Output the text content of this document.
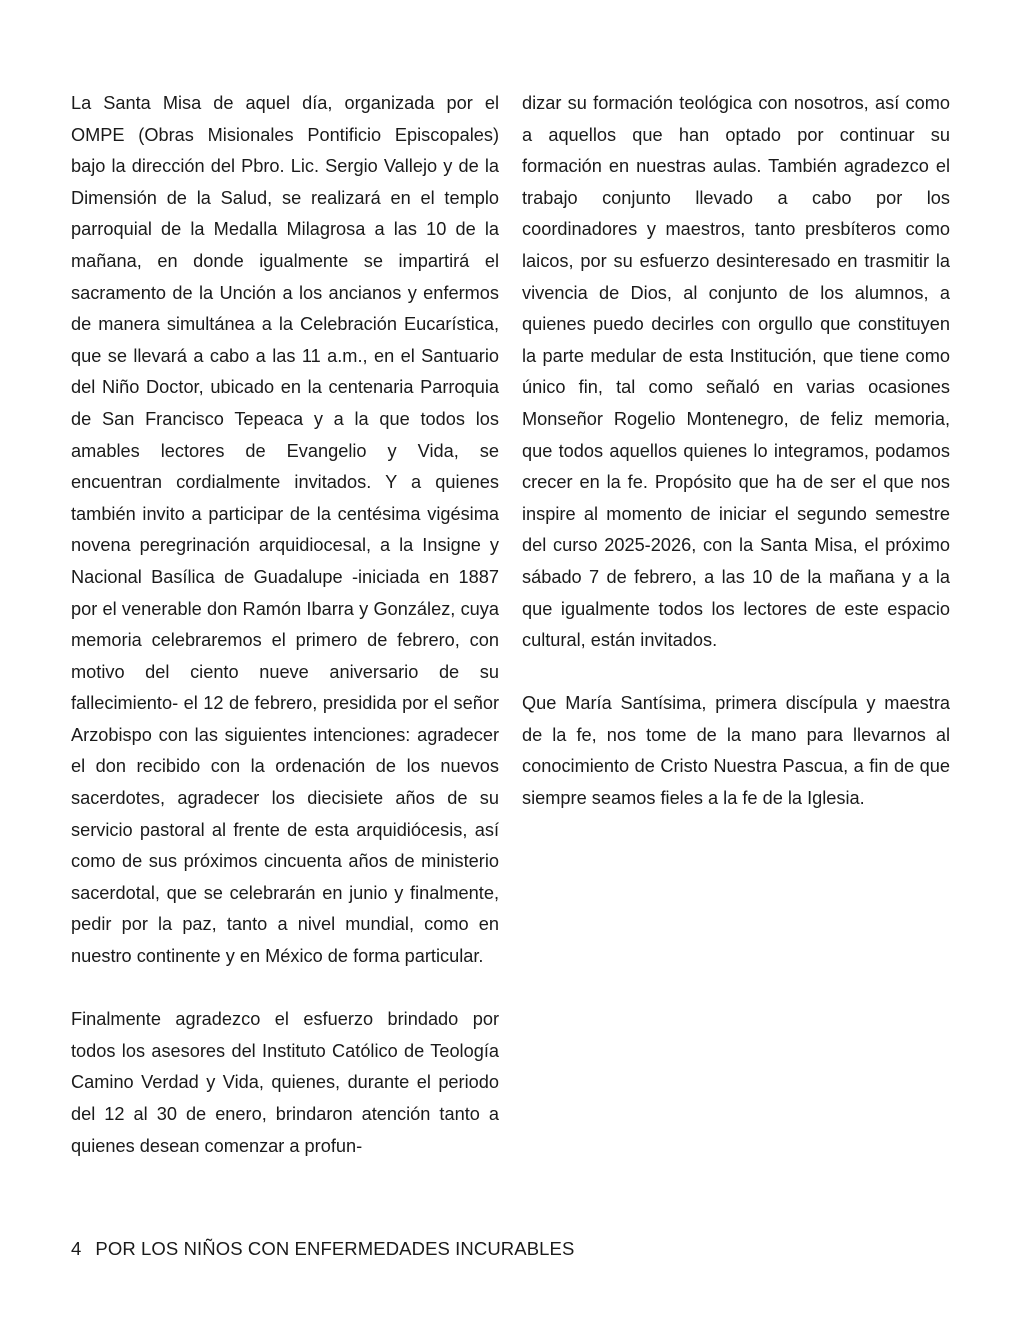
La Santa Misa de aquel día, organizada por el OMPE (Obras Misionales Pontificio Episcopales) bajo la dirección del Pbro. Lic. Sergio Vallejo y de la Dimensión de la Salud, se realizará en el templo parroquial de la Medalla Milagrosa a las 10 de la mañana, en donde igualmente se impartirá el sacramento de la Unción a los ancianos y enfermos de manera simultánea a la Celebración Eucarística, que se llevará a cabo a las 11 a.m., en el Santuario del Niño Doctor, ubicado en la centenaria Parroquia de San Francisco Tepeaca y a la que todos los amables lectores de Evangelio y Vida, se encuentran cordialmente invitados. Y a quienes también invito a participar de la centésima vigésima novena peregrinación arquidiocesal, a la Insigne y Nacional Basílica de Guadalupe -iniciada en 1887 por el venerable don Ramón Ibarra y González, cuya memoria celebraremos el primero de febrero, con motivo del ciento nueve aniversario de su fallecimiento- el 12 de febrero, presidida por el señor Arzobispo con las siguientes intenciones: agradecer el don recibido con la ordenación de los nuevos sacerdotes, agradecer los diecisiete años de su servicio pastoral al frente de esta arquidiócesis, así como de sus próximos cincuenta años de ministerio sacerdotal, que se celebrarán en junio y finalmente, pedir por la paz, tanto a nivel mundial, como en nuestro continente y en México de forma particular.

Finalmente agradezco el esfuerzo brindado por todos los asesores del Instituto Católico de Teología Camino Verdad y Vida, quienes, durante el periodo del 12 al 30 de enero, brindaron atención tanto a quienes desean comenzar a profun-

dizar su formación teológica con nosotros, así como a aquellos que han optado por continuar su formación en nuestras aulas. También agradezco el trabajo conjunto llevado a cabo por los coordinadores y maestros, tanto presbíteros como laicos, por su esfuerzo desinteresado en trasmitir la vivencia de Dios, al conjunto de los alumnos, a quienes puedo decirles con orgullo que constituyen la parte medular de esta Institución, que tiene como único fin, tal como señaló en varias ocasiones Monseñor Rogelio Montenegro, de feliz memoria, que todos aquellos quienes lo integramos, podamos crecer en la fe. Propósito que ha de ser el que nos inspire al momento de iniciar el segundo semestre del curso 2025-2026, con la Santa Misa, el próximo sábado 7 de febrero, a las 10 de la mañana y a la que igualmente todos los lectores de este espacio cultural, están invitados.

Que María Santísima, primera discípula y maestra de la fe, nos tome de la mano para llevarnos al conocimiento de Cristo Nuestra Pascua, a fin de que siempre seamos fieles a la fe de la Iglesia.

4 POR LOS NIÑOS CON ENFERMEDADES INCURABLES
